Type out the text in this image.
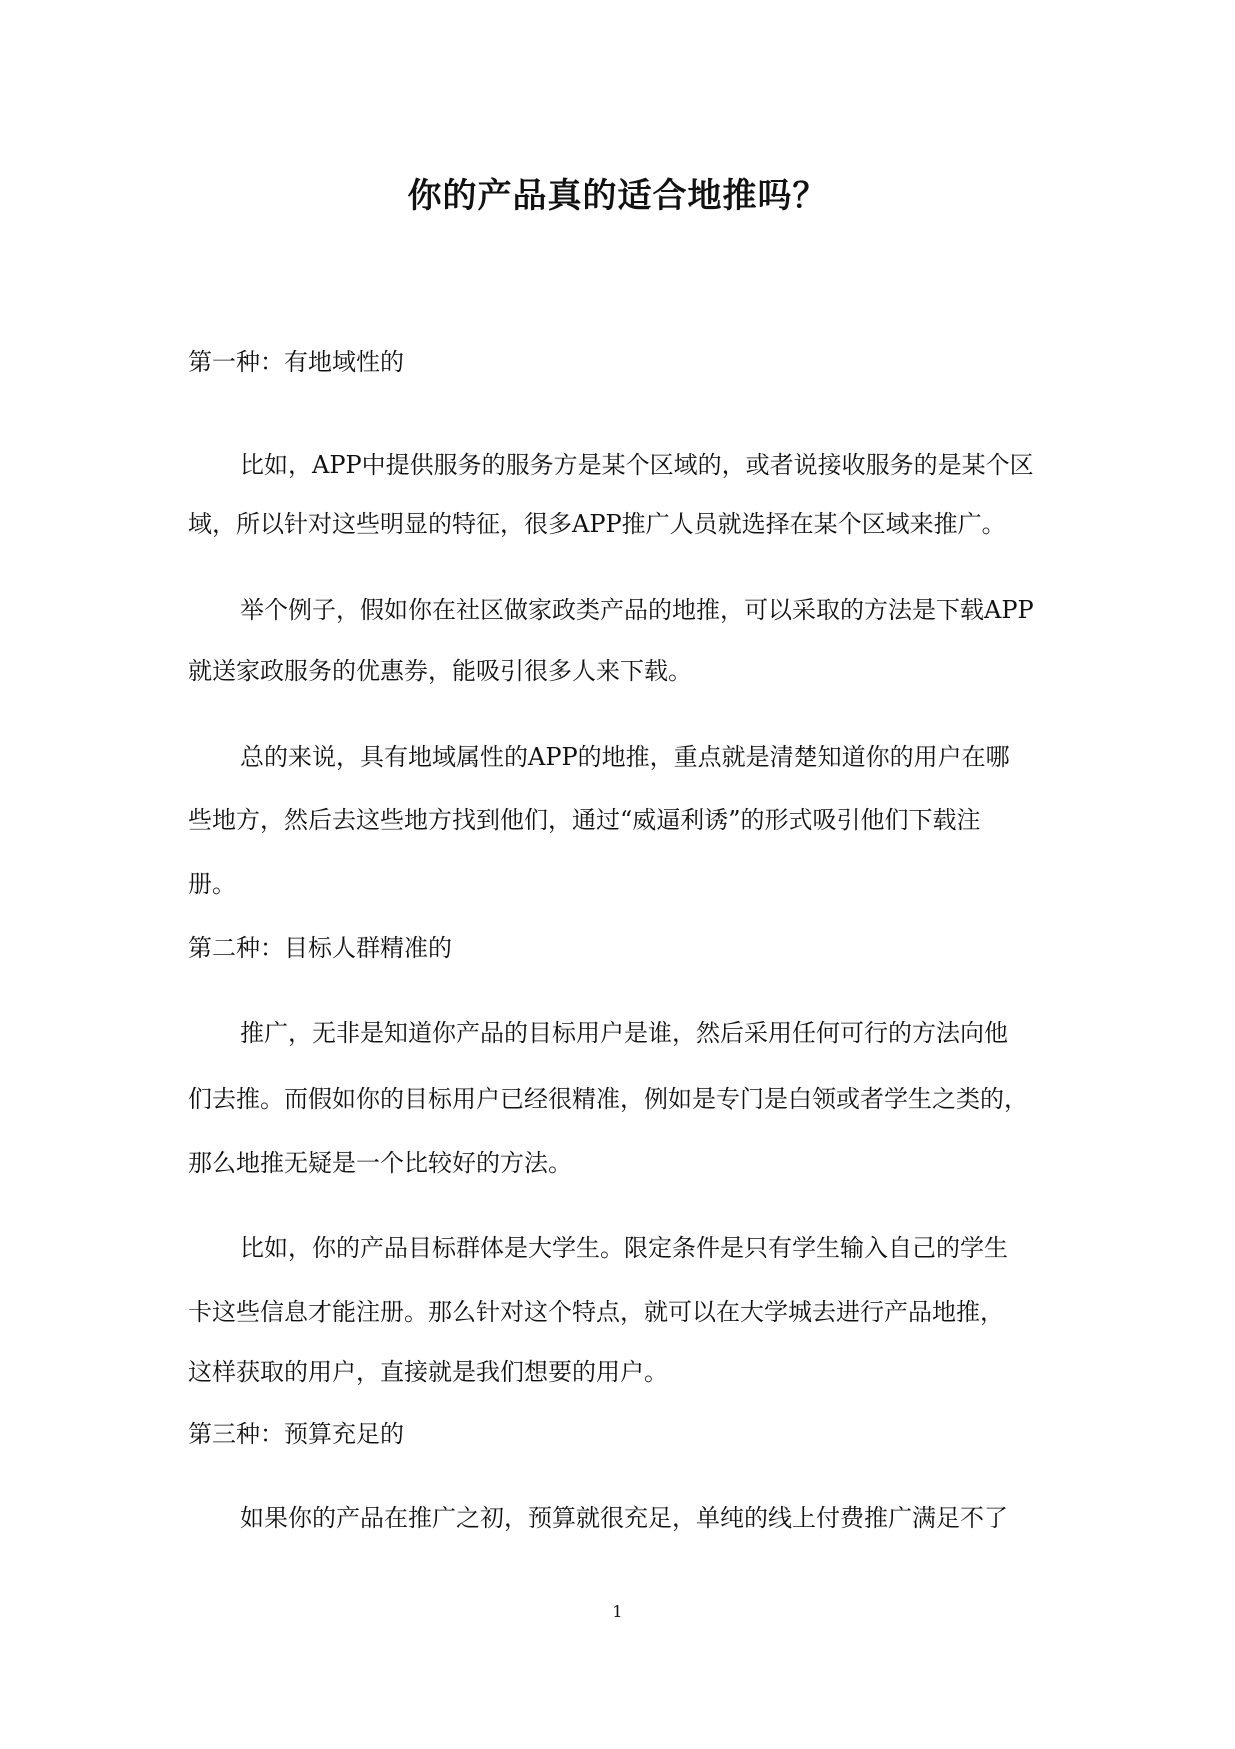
你的产品真的适合地推吗？
第一种：有地域性的
比如，APP中提供服务的服务方是某个区域的，或者说接收服务的是某个区
域，所以针对这些明显的特征，很多APP推广人员就选择在某个区域来推广。
举个例子，假如你在社区做家政类产品的地推，可以采取的方法是下载APP
就送家政服务的优惠券，能吸引很多人来下载。
总的来说，具有地域属性的APP的地推，重点就是清楚知道你的用户在哪
些地方，然后去这些地方找到他们，通过“威逼利诱”的形式吸引他们下载注
册。
第二种：目标人群精准的
推广，无非是知道你产品的目标用户是谁，然后采用任何可行的方法向他
们去推。而假如你的目标用户已经很精准，例如是专门是白领或者学生之类的，
那么地推无疑是一个比较好的方法。
比如，你的产品目标群体是大学生。限定条件是只有学生输入自己的学生
卡这些信息才能注册。那么针对这个特点，就可以在大学城去进行产品地推，
这样获取的用户，直接就是我们想要的用户。
第三种：预算充足的
如果你的产品在推广之初，预算就很充足，单纯的线上付费推广满足不了
1
